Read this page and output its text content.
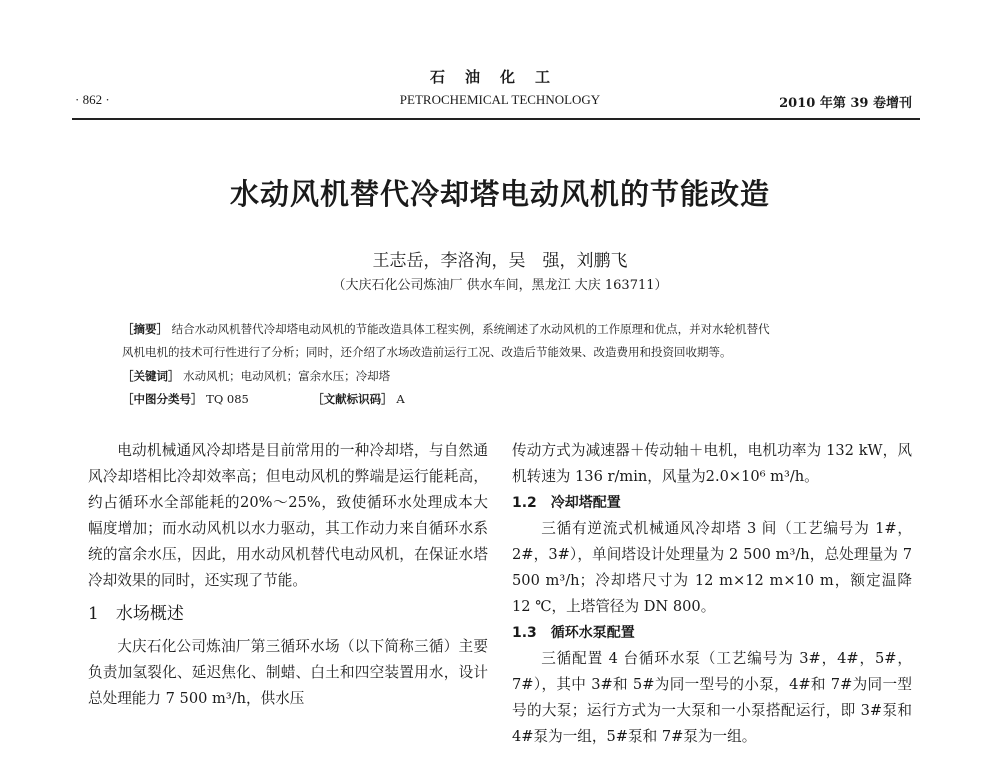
石油化工
PETROCHEMICAL TECHNOLOGY
· 862 ·	2010 年第 39 卷增刊
水动风机替代冷却塔电动风机的节能改造
王志岳，李洛洵，吴　强，刘鹏飞
（大庆石化公司炼油厂 供水车间，黑龙江 大庆 163711）
［摘要］ 结合水动风机替代冷却塔电动风机的节能改造具体工程实例，系统阐述了水动风机的工作原理和优点，并对水轮机替代
风机电机的技术可行性进行了分析；同时，还介绍了水场改造前运行工况、改造后节能效果、改造费用和投资回收期等。
［关键词］ 水动风机；电动风机；富余水压；冷却塔
［中图分类号］ TQ 085	［文献标识码］ A

电动机械通风冷却塔是目前常用的一种冷却塔，与自然通风冷却塔相比冷却效率高；但电动风机的弊端是运行能耗高，约占循环水全部能耗的20%～25%，致使循环水处理成本大幅度增加；而水动风机以水力驱动，其工作动力来自循环水系统的富余水压，因此，用水动风机替代电动风机，在保证水塔冷却效果的同时，还实现了节能。

1　水场概述

大庆石化公司炼油厂第三循环水场（以下简称三循）主要负责加氢裂化、延迟焦化、制蜡、白土和四空装置用水，设计总处理能力 7 500 m³/h，供水压

传动方式为减速器＋传动轴＋电机，电机功率为 132 kW，风机转速为 136 r/min，风量为2.0×10⁶ m³/h。

1.2　冷却塔配置

三循有逆流式机械通风冷却塔 3 间（工艺编号为 1#，2#，3#），单间塔设计处理量为 2 500 m³/h，总处理量为 7 500 m³/h；冷却塔尺寸为 12 m×12 m×10 m，额定温降 12 ℃，上塔管径为 DN 800。

1.3　循环水泵配置

三循配置 4 台循环水泵（工艺编号为 3#，4#，5#，7#），其中 3#和 5#为同一型号的小泵，4#和 7#为同一型号的大泵；运行方式为一大泵和一小泵搭配运行，即 3#泵和 4#泵为一组，5#泵和 7#泵为一组。
